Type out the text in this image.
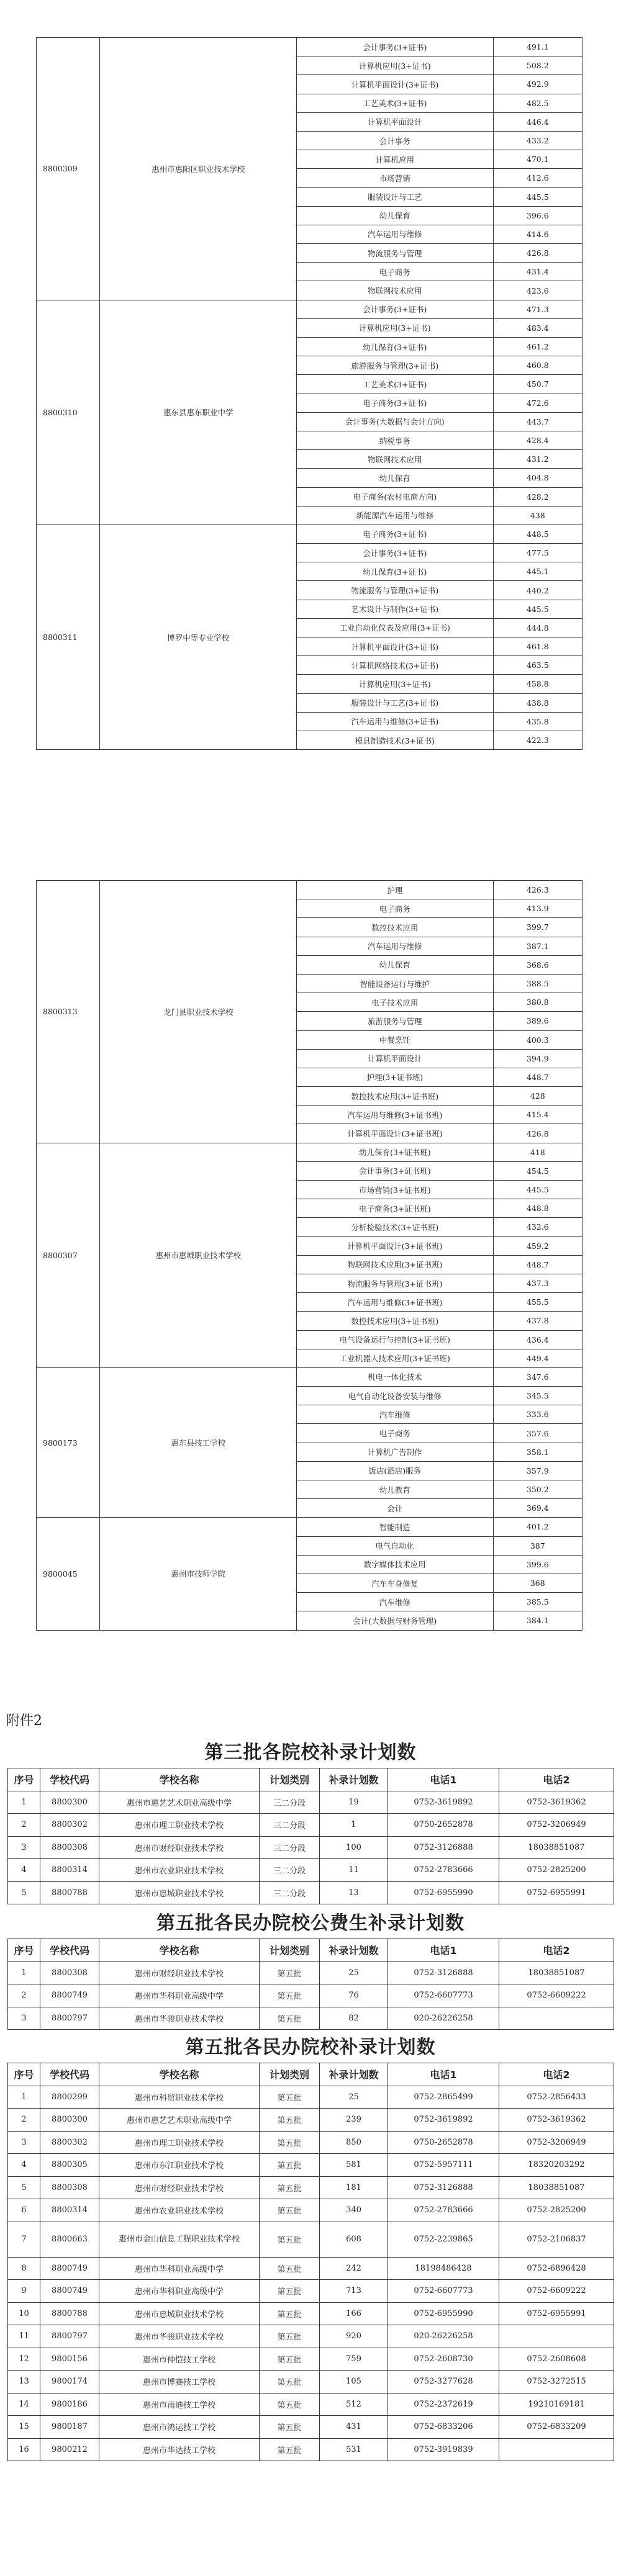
8800309	惠州市惠阳区职业技术学校	会计事务(3+证书)	491.1
		计算机应用(3+证书)	508.2
		计算机平面设计(3+证书)	492.9
		工艺美术(3+证书)	482.5
		计算机平面设计	446.4
		会计事务	433.2
		计算机应用	470.1
		市场营销	412.6
		服装设计与工艺	445.5
		幼儿保育	396.6
		汽车运用与维修	414.6
		物流服务与管理	426.8
		电子商务	431.4
		物联网技术应用	423.6
8800310	惠东县惠东职业中学	会计事务(3+证书)	471.3
		计算机应用(3+证书)	483.4
		幼儿保育(3+证书)	461.2
		旅游服务与管理(3+证书)	460.8
		工艺美术(3+证书)	450.7
		电子商务(3+证书)	472.6
		会计事务(大数据与会计方向)	443.7
		纳税事务	428.4
		物联网技术应用	431.2
		幼儿保育	404.8
		电子商务(农村电商方向)	428.2
		新能源汽车运用与维修	438
8800311	博罗中等专业学校	电子商务(3+证书)	448.5
		会计事务(3+证书)	477.5
		幼儿保育(3+证书)	445.1
		物流服务与管理(3+证书)	440.2
		艺术设计与制作(3+证书)	445.5
		工业自动化仪表及应用(3+证书)	444.8
		计算机平面设计(3+证书)	461.8
		计算机网络技术(3+证书)	463.5
		计算机应用(3+证书)	458.8
		服装设计与工艺(3+证书)	438.8
		汽车运用与维修(3+证书)	435.8
		模具制造技术(3+证书)	422.3
8800313	龙门县职业技术学校	护理	426.3
		电子商务	413.9
		数控技术应用	399.7
		汽车运用与维修	387.1
		幼儿保育	368.6
		智能设备运行与维护	388.5
		电子技术应用	380.8
		旅游服务与管理	389.6
		中餐烹饪	400.3
		计算机平面设计	394.9
		护理(3+证书班)	448.7
		数控技术应用(3+证书班)	428
		汽车运用与维修(3+证书班)	415.4
		计算机平面设计(3+证书班)	426.8
8800307	惠州市惠城职业技术学校	幼儿保育(3+证书班)	418
		会计事务(3+证书班)	454.5
		市场营销(3+证书班)	445.5
		电子商务(3+证书班)	448.8
		分析检验技术(3+证书班)	432.6
		计算机平面设计(3+证书班)	459.2
		物联网技术应用(3+证书班)	448.7
		物流服务与管理(3+证书班)	437.3
		汽车运用与维修(3+证书班)	455.5
		数控技术应用(3+证书班)	437.8
		电气设备运行与控制(3+证书班)	436.4
		工业机器人技术应用(3+证书班)	449.4
9800173	惠东县技工学校	机电一体化技术	347.6
		电气自动化设备安装与维修	345.5
		汽车维修	333.6
		电子商务	357.6
		计算机广告制作	358.1
		饭店(酒店)服务	357.9
		幼儿教育	350.2
		会计	369.4
9800045	惠州市技师学院	智能制造	401.2
		电气自动化	387
		数字媒体技术应用	399.6
		汽车车身修复	368
		汽车维修	385.5
		会计(大数据与财务管理)	384.1
附件2
第三批各院校补录计划数
序号	学校代码	学校名称	计划类别	补录计划数	电话1	电话2
1	8800300	惠州市惠艺艺术职业高级中学	三二分段	19	0752-3619892	0752-3619362
2	8800302	惠州市理工职业技术学校	三二分段	1	0750-2652878	0752-3206949
3	8800308	惠州市财经职业技术学校	三二分段	100	0752-3126888	18038851087
4	8800314	惠州市农业职业技术学校	三二分段	11	0752-2783666	0752-2825200
5	8800788	惠州市惠城职业技术学校	三二分段	13	0752-6955990	0752-6955991
第五批各民办院校公费生补录计划数
序号	学校代码	学校名称	计划类别	补录计划数	电话1	电话2
1	8800308	惠州市财经职业技术学校	第五批	25	0752-3126888	18038851087
2	8800749	惠州市华科职业高级中学	第五批	76	0752-6607773	0752-6609222
3	8800797	惠州市华骏职业技术学校	第五批	82	020-26226258	
第五批各民办院校补录计划数
序号	学校代码	学校名称	计划类别	补录计划数	电话1	电话2
1	8800299	惠州市科贸职业技术学校	第五批	25	0752-2865499	0752-2856433
2	8800300	惠州市惠艺艺术职业高级中学	第五批	239	0752-3619892	0752-3619362
3	8800302	惠州市理工职业技术学校	第五批	850	0750-2652878	0752-3206949
4	8800305	惠州市东江职业技术学校	第五批	581	0752-5957111	18320203292
5	8800308	惠州市财经职业技术学校	第五批	181	0752-3126888	18038851087
6	8800314	惠州市农业职业技术学校	第五批	340	0752-2783666	0752-2825200
7	8800663	惠州市金山信息工程职业技术学校	第五批	608	0752-2239865	0752-2106837
8	8800749	惠州市华科职业高级中学	第五批	242	18198486428	0752-6896428
9	8800749	惠州市华科职业高级中学	第五批	713	0752-6607773	0752-6609222
10	8800788	惠州市惠城职业技术学校	第五批	166	0752-6955990	0752-6955991
11	8800797	惠州市华骏职业技术学校	第五批	920	020-26226258	
12	9800156	惠州市仲恺技工学校	第五批	759	0752-2608730	0752-2608608
13	9800174	惠州市博赛技工学校	第五批	105	0752-3277628	0752-3272515
14	9800186	惠州市南迪技工学校	第五批	512	0752-2372619	19210169181
15	9800187	惠州市鸿运技工学校	第五批	431	0752-6833206	0752-6833209
16	9800212	惠州市华达技工学校	第五批	531	0752-3919839	
